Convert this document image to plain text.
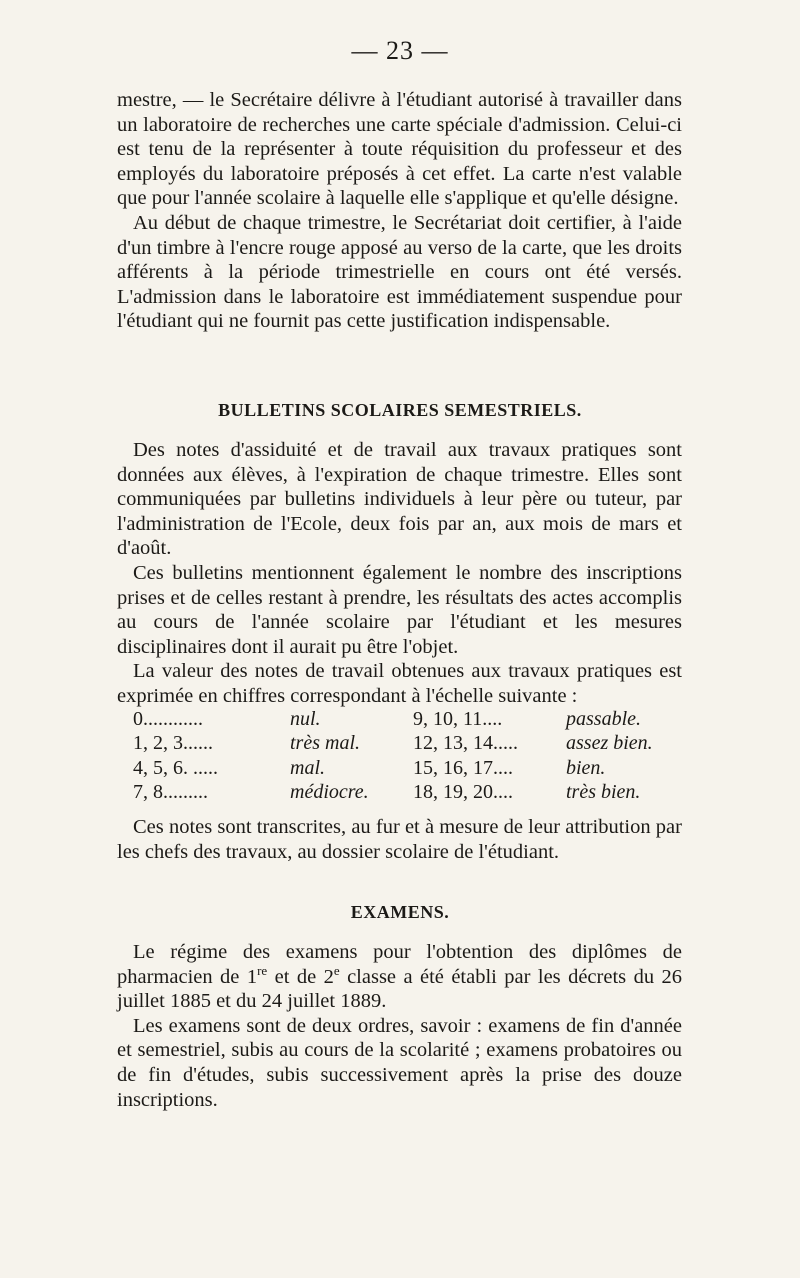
— 23 —

mestre, — le Secrétaire délivre à l'étudiant autorisé à travailler dans un laboratoire de recherches une carte spéciale d'admission. Celui-ci est tenu de la représenter à toute réquisition du professeur et des employés du laboratoire préposés à cet effet. La carte n'est valable que pour l'année scolaire à laquelle elle s'applique et qu'elle désigne.

Au début de chaque trimestre, le Secrétariat doit certifier, à l'aide d'un timbre à l'encre rouge apposé au verso de la carte, que les droits afférents à la période trimestrielle en cours ont été versés. L'admission dans le laboratoire est immédiatement suspendue pour l'étudiant qui ne fournit pas cette justification indispensable.

BULLETINS SCOLAIRES SEMESTRIELS.

Des notes d'assiduité et de travail aux travaux pratiques sont données aux élèves, à l'expiration de chaque trimestre. Elles sont communiquées par bulletins individuels à leur père ou tuteur, par l'administration de l'Ecole, deux fois par an, aux mois de mars et d'août.

Ces bulletins mentionnent également le nombre des inscriptions prises et de celles restant à prendre, les résultats des actes accomplis au cours de l'année scolaire par l'étudiant et les mesures disciplinaires dont il aurait pu être l'objet.

La valeur des notes de travail obtenues aux travaux pratiques est exprimée en chiffres correspondant à l'échelle suivante :

0............	nul.	9, 10, 11....	passable.
1, 2, 3......	très mal.	12, 13, 14..... assez bien.
4, 5, 6. .....	mal.	15, 16, 17....	bien.
7, 8.........	médiocre. 18, 19, 20....	très bien.

Ces notes sont transcrites, au fur et à mesure de leur attribution par les chefs des travaux, au dossier scolaire de l'étudiant.

EXAMENS.

Le régime des examens pour l'obtention des diplômes de pharmacien de 1re et de 2e classe a été établi par les décrets du 26 juillet 1885 et du 24 juillet 1889.

Les examens sont de deux ordres, savoir : examens de fin d'année et semestriel, subis au cours de la scolarité ; examens probatoires ou de fin d'études, subis successivement après la prise des douze inscriptions.
